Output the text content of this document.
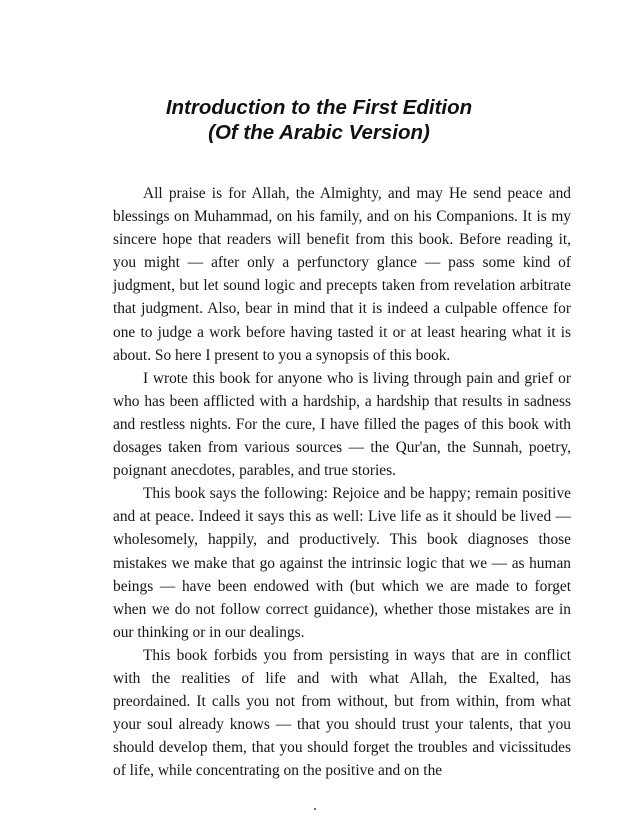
Introduction to the First Edition
(Of the Arabic Version)

All praise is for Allah, the Almighty, and may He send peace and blessings on Muhammad, on his family, and on his Companions. It is my sincere hope that readers will benefit from this book. Before reading it, you might — after only a perfunctory glance — pass some kind of judgment, but let sound logic and precepts taken from revelation arbitrate that judgment. Also, bear in mind that it is indeed a culpable offence for one to judge a work before having tasted it or at least hearing what it is about. So here I present to you a synopsis of this book.

I wrote this book for anyone who is living through pain and grief or who has been afflicted with a hardship, a hardship that results in sadness and restless nights. For the cure, I have filled the pages of this book with dosages taken from various sources — the Qur'an, the Sunnah, poetry, poignant anecdotes, parables, and true stories.

This book says the following: Rejoice and be happy; remain positive and at peace. Indeed it says this as well: Live life as it should be lived — wholesomely, happily, and productively. This book diagnoses those mistakes we make that go against the intrinsic logic that we — as human beings — have been endowed with (but which we are made to forget when we do not follow correct guidance), whether those mistakes are in our thinking or in our dealings.

This book forbids you from persisting in ways that are in conflict with the realities of life and with what Allah, the Exalted, has preordained. It calls you not from without, but from within, from what your soul already knows — that you should trust your talents, that you should develop them, that you should forget the troubles and vicissitudes of life, while concentrating on the positive and on the
